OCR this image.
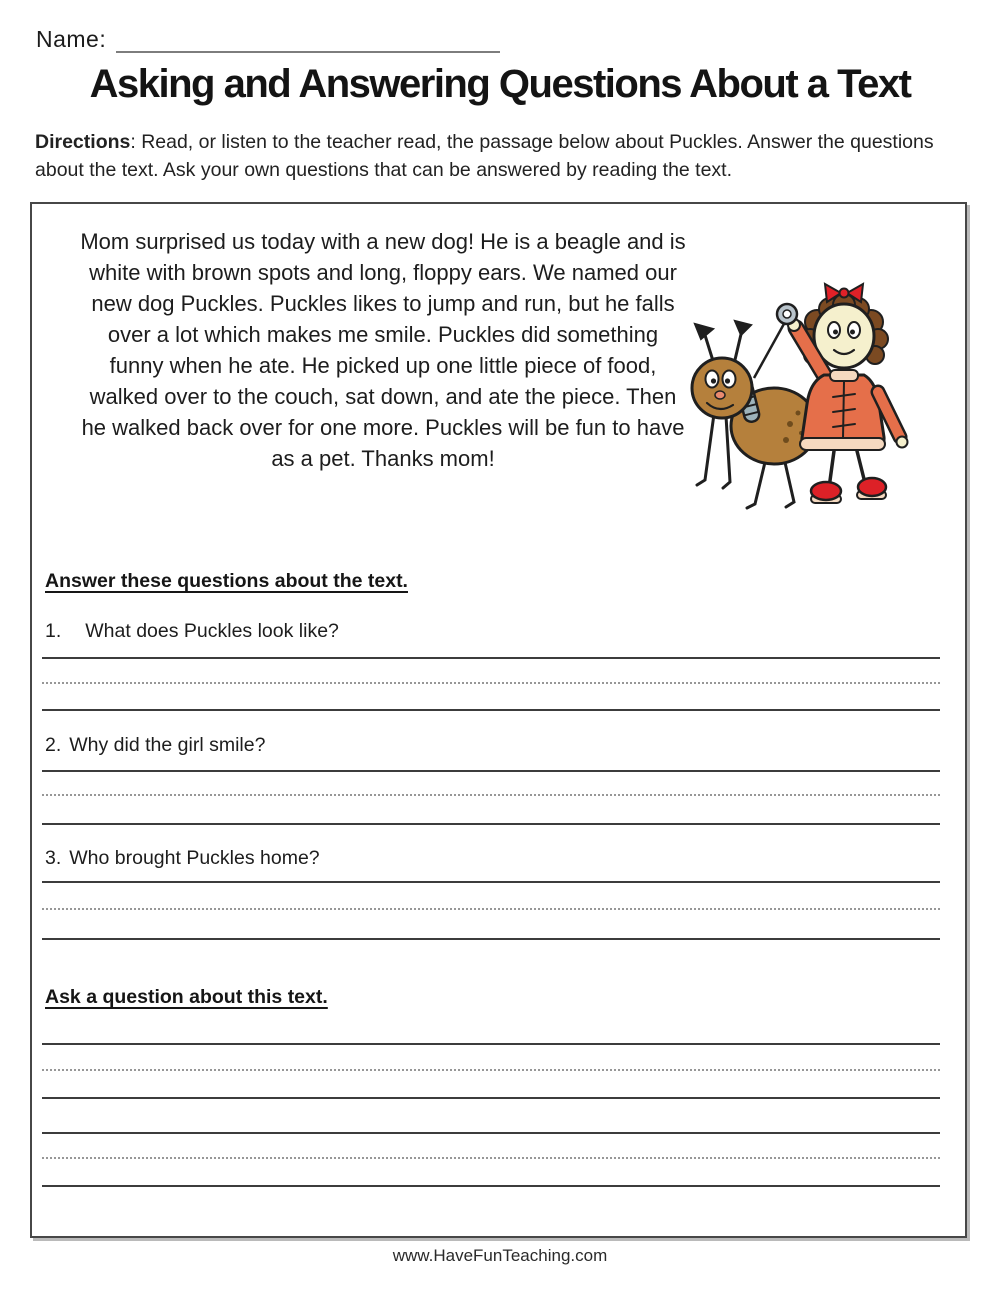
Name:
Asking and Answering Questions About a Text

Directions: Read, or listen to the teacher read, the passage below about Puckles. Answer the questions about the text. Ask your own questions that can be answered by reading the text.

Mom surprised us today with a new dog! He is a beagle and is white with brown spots and long, floppy ears. We named our new dog Puckles. Puckles likes to jump and run, but he falls over a lot which makes me smile. Puckles did something funny when he ate. He picked up one little piece of food, walked over to the couch, sat down, and ate the piece. Then he walked back over for one more. Puckles will be fun to have as a pet. Thanks mom!

Answer these questions about the text.
1. What does Puckles look like?
2. Why did the girl smile?
3. Who brought Puckles home?
Ask a question about this text.
www.HaveFunTeaching.com
